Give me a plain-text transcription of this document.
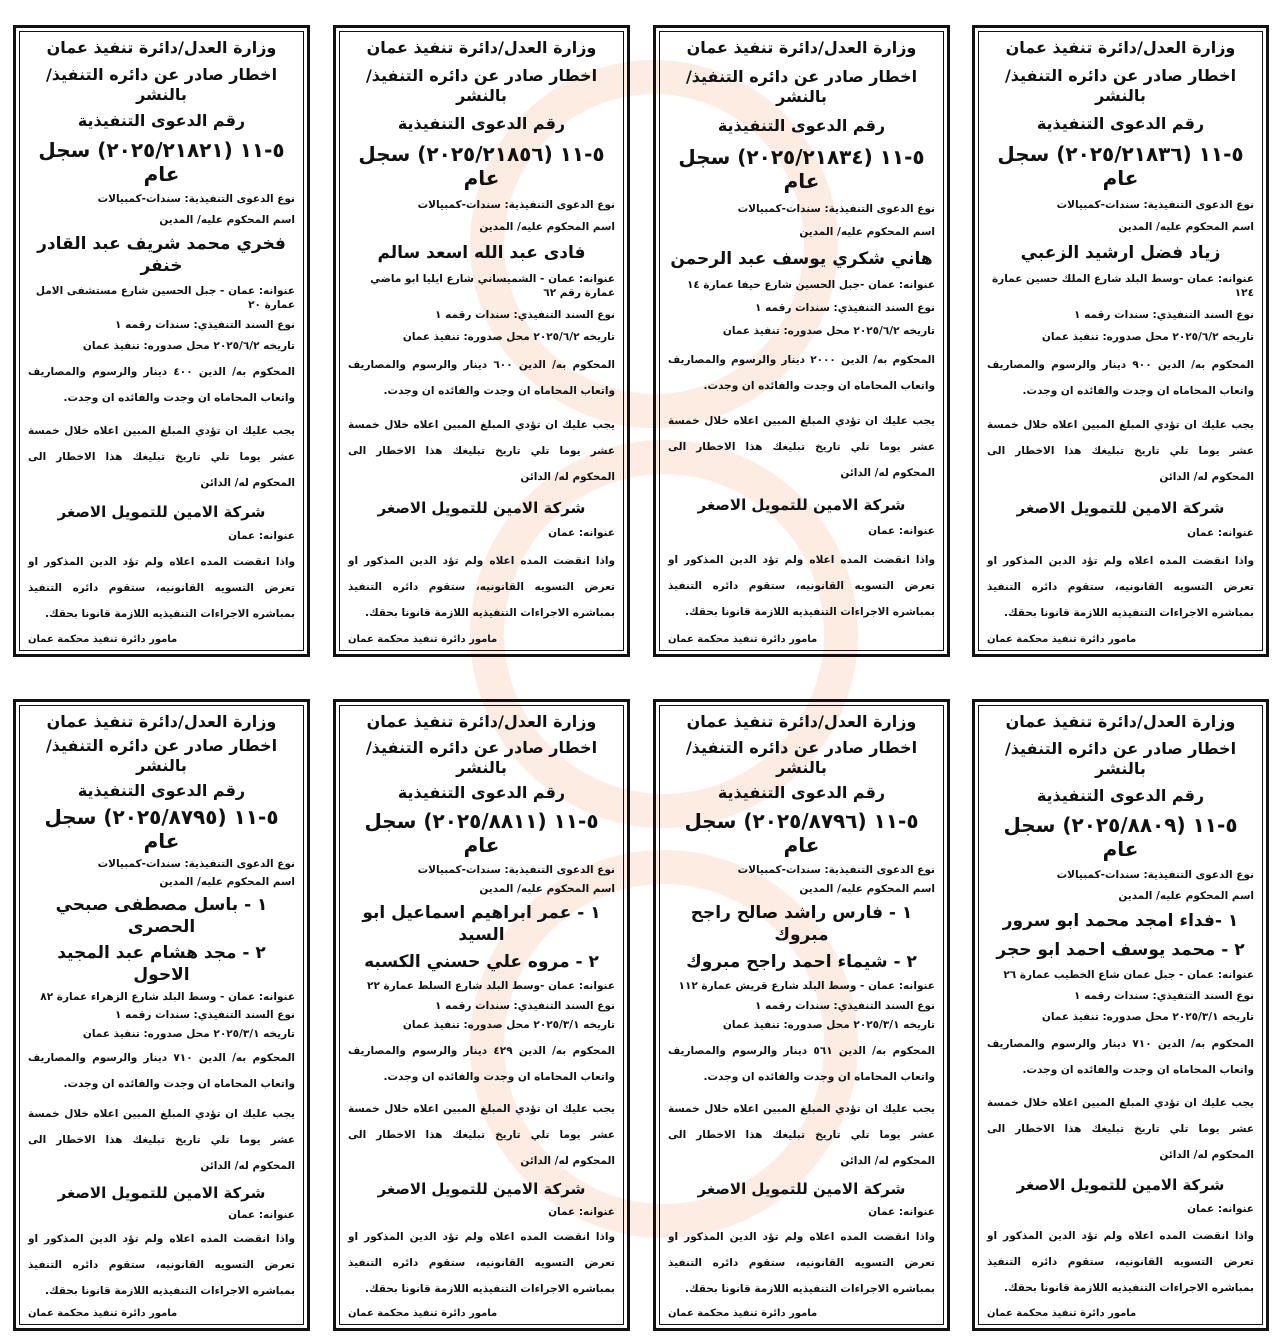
وزارة العدل/دائرة تنفيذ عمان
اخطار صادر عن دائره التنفيذ/ بالنشر
رقم الدعوى التنفيذية
٥-١١ (٢٠٢٥/٢١٨٣٦) سجل عام
نوع الدعوى التنفيذية: سندات-كمبيالات
اسم المحكوم عليه/ المدين
زياد فضل ارشيد الزعبي
عنوانه: عمان -وسط البلد شارع الملك حسين عمارة ١٢٤
نوع السند التنفيذي: سندات رقمه ١
تاريخه ٢٠٢٥/٦/٢ محل صدوره: تنفيذ عمان
المحكوم به/ الدين ٩٠٠ دينار والرسوم والمصاريف واتعاب المحاماه ان وجدت والفائده ان وجدت.
يجب عليك ان تؤدي المبلغ المبين اعلاه خلال خمسة عشر يوما تلي تاريخ تبليغك هذا الاخطار الى المحكوم له/ الدائن
شركة الامين للتمويل الاصغر
عنوانه: عمان
واذا انقضت المده اعلاه ولم تؤد الدين المذكور او تعرض التسويه القانونيه، ستقوم دائره التنفيذ بمباشره الاجراءات التنفيذيه اللازمة قانونا بحقك.
مامور دائرة تنفيذ محكمة عمان
وزارة العدل/دائرة تنفيذ عمان
اخطار صادر عن دائره التنفيذ/ بالنشر
رقم الدعوى التنفيذية
٥-١١ (٢٠٢٥/٢١٨٣٤) سجل عام
نوع الدعوى التنفيذية: سندات-كمبيالات
اسم المحكوم عليه/ المدين
هاني شكري يوسف عبد الرحمن
عنوانه: عمان -جبل الحسين شارع حيفا عمارة ١٤
نوع السند التنفيذي: سندات رقمه ١
تاريخه ٢٠٢٥/٦/٢ محل صدوره: تنفيذ عمان
المحكوم به/ الدين ٢٠٠٠ دينار والرسوم والمصاريف واتعاب المحاماه ان وجدت والفائده ان وجدت.
يجب عليك ان تؤدي المبلغ المبين اعلاه خلال خمسة عشر يوما تلي تاريخ تبليغك هذا الاخطار الى المحكوم له/ الدائن
شركة الامين للتمويل الاصغر
عنوانه: عمان
واذا انقضت المده اعلاه ولم تؤد الدين المذكور او تعرض التسويه القانونيه، ستقوم دائره التنفيذ بمباشره الاجراءات التنفيذيه اللازمة قانونا بحقك.
مامور دائرة تنفيذ محكمة عمان
وزارة العدل/دائرة تنفيذ عمان
اخطار صادر عن دائره التنفيذ/ بالنشر
رقم الدعوى التنفيذية
٥-١١ (٢٠٢٥/٢١٨٥٦) سجل عام
نوع الدعوى التنفيذية: سندات-كمبيالات
اسم المحكوم عليه/ المدين
فادى عبد الله اسعد سالم
عنوانه: عمان - الشميساني شارع ايليا ابو ماضي عمارة رقم ٦٢
نوع السند التنفيذي: سندات رقمه ١
تاريخه ٢٠٢٥/٦/٢ محل صدوره: تنفيذ عمان
المحكوم به/ الدين ٦٠٠ دينار والرسوم والمصاريف واتعاب المحاماه ان وجدت والفائده ان وجدت.
يجب عليك ان تؤدي المبلغ المبين اعلاه خلال خمسة عشر يوما تلي تاريخ تبليغك هذا الاخطار الى المحكوم له/ الدائن
شركة الامين للتمويل الاصغر
عنوانه: عمان
واذا انقضت المده اعلاه ولم تؤد الدين المذكور او تعرض التسويه القانونيه، ستقوم دائره التنفيذ بمباشره الاجراءات التنفيذيه اللازمة قانونا بحقك.
مامور دائرة تنفيذ محكمة عمان
وزارة العدل/دائرة تنفيذ عمان
اخطار صادر عن دائره التنفيذ/ بالنشر
رقم الدعوى التنفيذية
٥-١١ (٢٠٢٥/٢١٨٢١) سجل عام
نوع الدعوى التنفيذية: سندات-كمبيالات
اسم المحكوم عليه/ المدين
فخري محمد شريف عبد القادر خنفر
عنوانه: عمان - جبل الحسين شارع مستشفى الامل عمارة ٢٠
نوع السند التنفيذي: سندات رقمه ١
تاريخه ٢٠٢٥/٦/٢ محل صدوره: تنفيذ عمان
المحكوم به/ الدين ٤٠٠ دينار والرسوم والمصاريف واتعاب المحاماه ان وجدت والفائده ان وجدت.
يجب عليك ان تؤدي المبلغ المبين اعلاه خلال خمسة عشر يوما تلي تاريخ تبليغك هذا الاخطار الى المحكوم له/ الدائن
شركة الامين للتمويل الاصغر
عنوانه: عمان
واذا انقضت المده اعلاه ولم تؤد الدين المذكور او تعرض التسويه القانونيه، ستقوم دائره التنفيذ بمباشره الاجراءات التنفيذيه اللازمة قانونا بحقك.
مامور دائرة تنفيذ محكمة عمان
وزارة العدل/دائرة تنفيذ عمان
اخطار صادر عن دائره التنفيذ/ بالنشر
رقم الدعوى التنفيذية
٥-١١ (٢٠٢٥/٨٨٠٩) سجل عام
نوع الدعوى التنفيذية: سندات-كمبيالات
اسم المحكوم عليه/ المدين
١ -فداء امجد محمد ابو سرور
٢ - محمد يوسف احمد ابو حجر
عنوانه: عمان - جبل عمان شاع الخطيب عمارة ٢٦
نوع السند التنفيذي: سندات رقمه ١
تاريخه ٢٠٢٥/٣/١ محل صدوره: تنفيذ عمان
المحكوم به/ الدين ٧١٠ دينار والرسوم والمصاريف واتعاب المحاماه ان وجدت والفائده ان وجدت.
يجب عليك ان تؤدي المبلغ المبين اعلاه خلال خمسة عشر يوما تلي تاريخ تبليغك هذا الاخطار الى المحكوم له/ الدائن
شركة الامين للتمويل الاصغر
عنوانه: عمان
واذا انقضت المده اعلاه ولم تؤد الدين المذكور او تعرض التسويه القانونيه، ستقوم دائره التنفيذ بمباشره الاجراءات التنفيذيه اللازمة قانونا بحقك.
مامور دائرة تنفيذ محكمة عمان
وزارة العدل/دائرة تنفيذ عمان
اخطار صادر عن دائره التنفيذ/ بالنشر
رقم الدعوى التنفيذية
٥-١١ (٢٠٢٥/٨٧٩٦) سجل عام
نوع الدعوى التنفيذية: سندات-كمبيالات
اسم المحكوم عليه/ المدين
١ - فارس راشد صالح راجح مبروك
٢ - شيماء احمد راجح مبروك
عنوانه: عمان - وسط البلد شارع قريش عمارة ١١٢
نوع السند التنفيذي: سندات رقمه ١
تاريخه ٢٠٢٥/٣/١ محل صدوره: تنفيذ عمان
المحكوم به/ الدين ٥٦١ دينار والرسوم والمصاريف واتعاب المحاماه ان وجدت والفائده ان وجدت.
يجب عليك ان تؤدي المبلغ المبين اعلاه خلال خمسة عشر يوما تلي تاريخ تبليغك هذا الاخطار الى المحكوم له/ الدائن
شركة الامين للتمويل الاصغر
عنوانه: عمان
واذا انقضت المده اعلاه ولم تؤد الدين المذكور او تعرض التسويه القانونيه، ستقوم دائره التنفيذ بمباشره الاجراءات التنفيذيه اللازمة قانونا بحقك.
مامور دائرة تنفيذ محكمة عمان
وزارة العدل/دائرة تنفيذ عمان
اخطار صادر عن دائره التنفيذ/ بالنشر
رقم الدعوى التنفيذية
٥-١١ (٢٠٢٥/٨٨١١) سجل عام
نوع الدعوى التنفيذية: سندات-كمبيالات
اسم المحكوم عليه/ المدين
١ - عمر ابراهيم اسماعيل ابو السيد
٢ - مروه علي حسني الكسبه
عنوانه: عمان -وسط البلد شارع السلط عمارة ٢٢
نوع السند التنفيذي: سندات رقمه ١
تاريخه ٢٠٢٥/٣/١ محل صدوره: تنفيذ عمان
المحكوم به/ الدين ٤٢٩ دينار والرسوم والمصاريف واتعاب المحاماه ان وجدت والفائده ان وجدت.
يجب عليك ان تؤدي المبلغ المبين اعلاه خلال خمسة عشر يوما تلي تاريخ تبليغك هذا الاخطار الى المحكوم له/ الدائن
شركة الامين للتمويل الاصغر
عنوانه: عمان
واذا انقضت المده اعلاه ولم تؤد الدين المذكور او تعرض التسويه القانونيه، ستقوم دائره التنفيذ بمباشره الاجراءات التنفيذيه اللازمة قانونا بحقك.
مامور دائرة تنفيذ محكمة عمان
وزارة العدل/دائرة تنفيذ عمان
اخطار صادر عن دائره التنفيذ/ بالنشر
رقم الدعوى التنفيذية
٥-١١ (٢٠٢٥/٨٧٩٥) سجل عام
نوع الدعوى التنفيذية: سندات-كمبيالات
اسم المحكوم عليه/ المدين
١ - باسل مصطفى صبحي الحصرى
٢ - مجد هشام عبد المجيد الاحول
عنوانه: عمان - وسط البلد شارع الزهراء عمارة ٨٢
نوع السند التنفيذي: سندات رقمه ١
تاريخه ٢٠٢٥/٣/١ محل صدوره: تنفيذ عمان
المحكوم به/ الدين ٧١٠ دينار والرسوم والمصاريف واتعاب المحاماه ان وجدت والفائده ان وجدت.
يجب عليك ان تؤدي المبلغ المبين اعلاه خلال خمسة عشر يوما تلي تاريخ تبليغك هذا الاخطار الى المحكوم له/ الدائن
شركة الامين للتمويل الاصغر
عنوانه: عمان
واذا انقضت المده اعلاه ولم تؤد الدين المذكور او تعرض التسويه القانونيه، ستقوم دائره التنفيذ بمباشره الاجراءات التنفيذيه اللازمة قانونا بحقك.
مامور دائرة تنفيذ محكمة عمان
